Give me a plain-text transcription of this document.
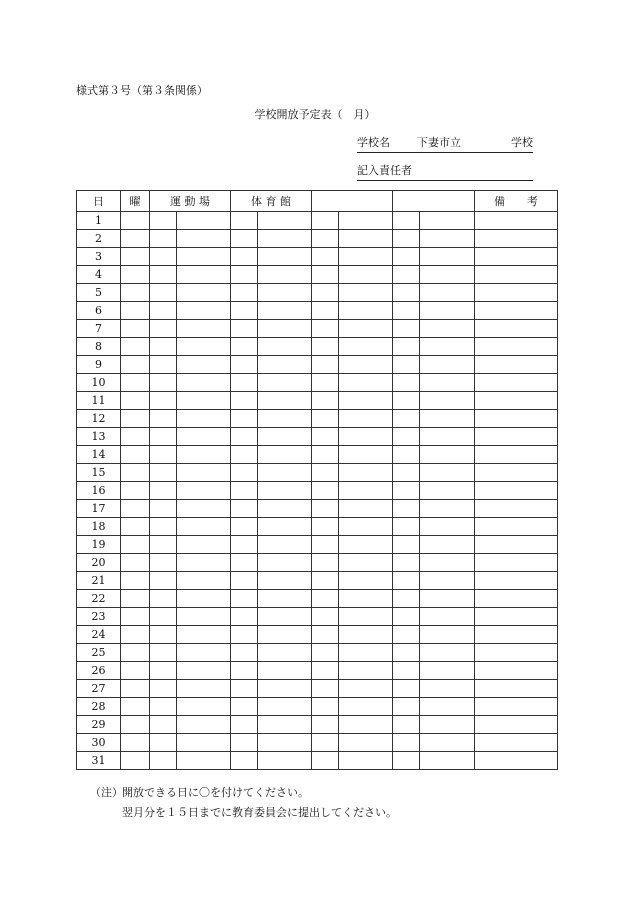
様式第３号（第３条関係）
学校開放予定表（　月）
学校名 下妻市立	学校
記入責任者
日	曜	運 動 場		体 育 館						備　　考
1										
2										
3										
4										
5										
6										
7										
8										
9										
10										
11										
12										
13										
14										
15										
16										
17										
18										
19										
20										
21										
22										
23										
24										
25										
26										
27										
28										
29										
30										
31										
（注）開放できる日に〇を付けてください。
翌月分を１５日までに教育委員会に提出してください。
